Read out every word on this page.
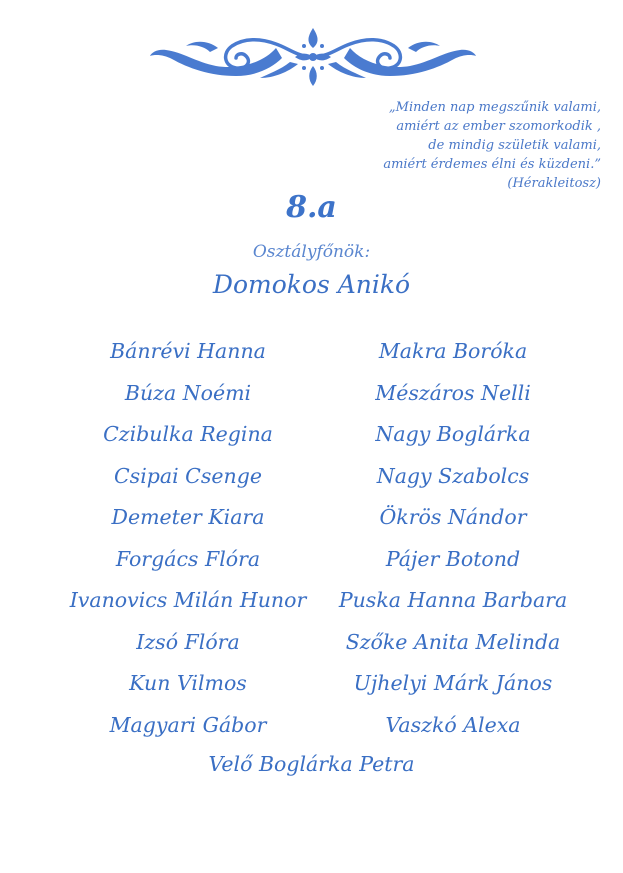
„Minden nap megszűnik valami,
amiért az ember szomorkodik ,
de mindig születik valami,
amiért érdemes élni és küzdeni.”
(Hérakleitosz)
8.a
Osztályfőnök:
Domokos Anikó
Bánrévi Hanna
Búza Noémi
Czibulka Regina
Csipai Csenge
Demeter Kiara
Forgács Flóra
Ivanovics Milán Hunor
Izsó Flóra
Kun Vilmos
Magyari Gábor
Makra Boróka
Mészáros Nelli
Nagy Boglárka
Nagy Szabolcs
Ökrös Nándor
Pájer Botond
Puska Hanna Barbara
Szőke Anita Melinda
Ujhelyi Márk János
Vaszkó Alexa
Velő Boglárka Petra
